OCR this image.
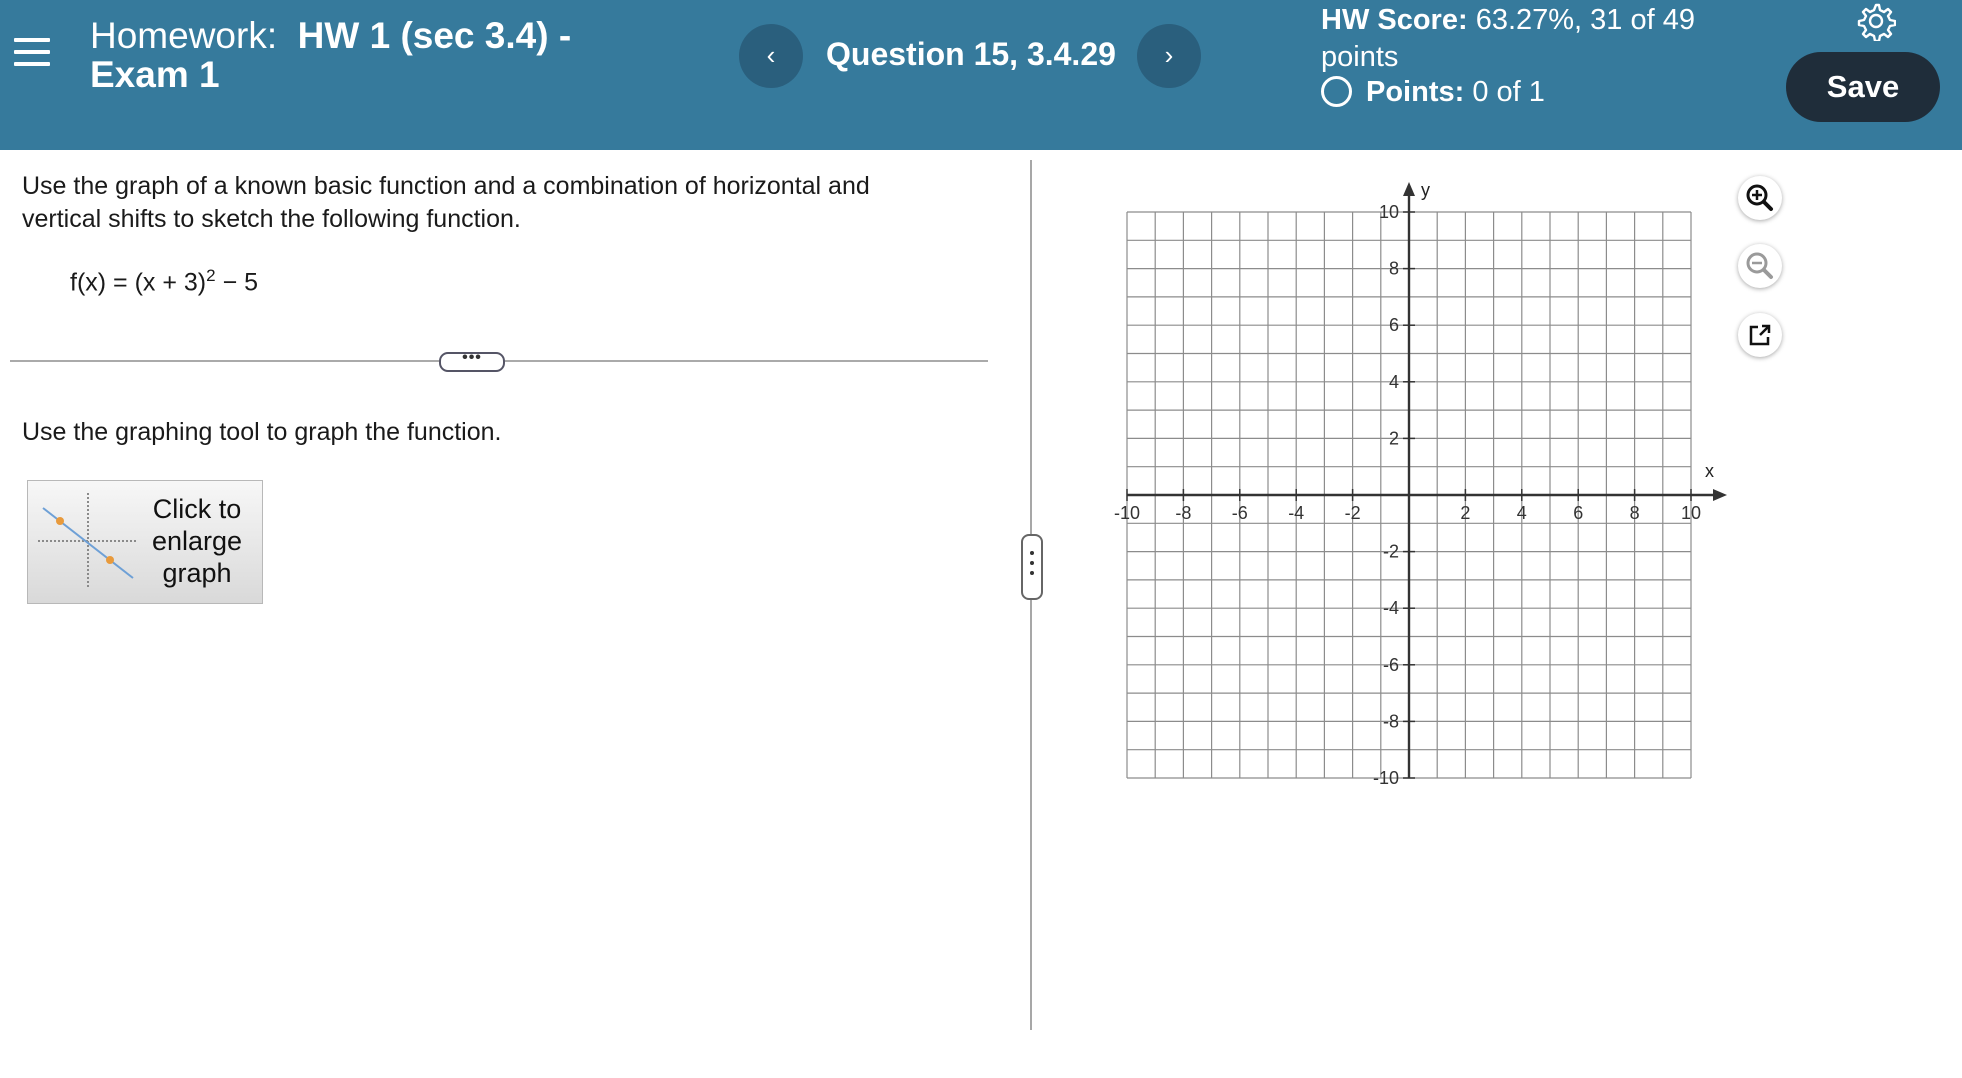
Homework: HW 1 (sec 3.4) - Exam 1	‹	Question 15, 3.4.29	›
HW Score: 63.27%, 31 of 49 points
Points: 0 of 1	Save
Use the graph of a known basic function and a combination of horizontal and vertical shifts to sketch the following function.
$f(x) = (x + 3)^2 - 5$
•••
Use the graphing tool to graph the function.
Click to enlarge graph
-10 -8 -6 -4 -2	2	4	6	8 10
10
8
6
4
2
-2
-4
-6
-8
-10
x
y
